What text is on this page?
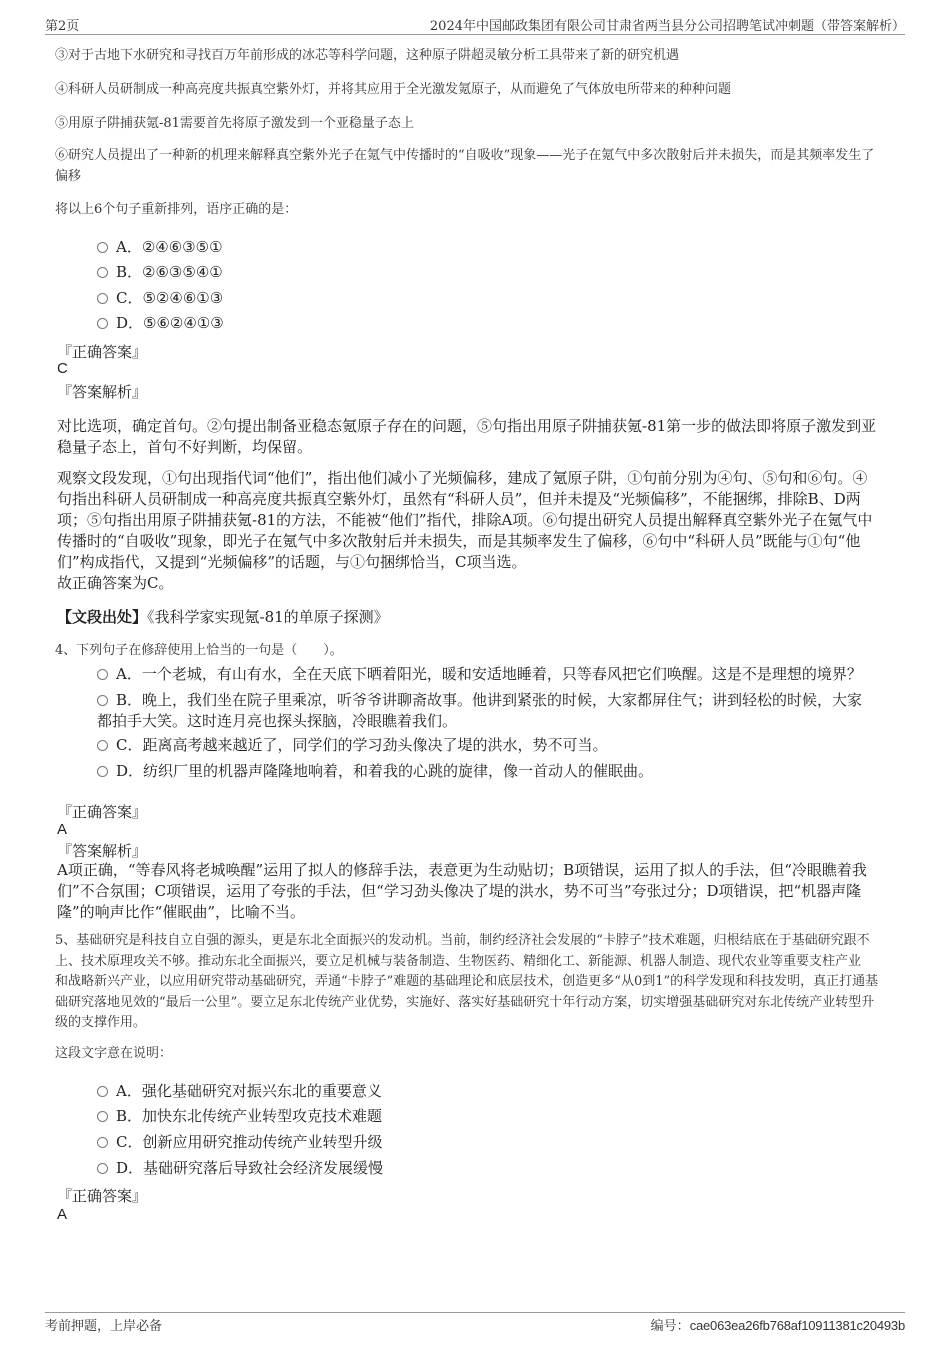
第2页	2024年中国邮政集团有限公司甘肃省两当县分公司招聘笔试冲刺题（带答案解析）
③对于古地下水研究和寻找百万年前形成的冰芯等科学问题，这种原子阱超灵敏分析工具带来了新的研究机遇
④科研人员研制成一种高亮度共振真空紫外灯，并将其应用于全光激发氪原子，从而避免了气体放电所带来的种种问题
⑤用原子阱捕获氪-81需要首先将原子激发到一个亚稳量子态上
⑥研究人员提出了一种新的机理来解释真空紫外光子在氪气中传播时的“自吸收”现象——光子在氪气中多次散射后并未损失，而是其频率发生了
偏移
将以上6个句子重新排列，语序正确的是：
A．②④⑥③⑤①
B．②⑥③⑤④①
C．⑤②④⑥①③
D．⑤⑥②④①③
『正确答案』
C
『答案解析』
对比选项，确定首句。②句提出制备亚稳态氪原子存在的问题，⑤句指出用原子阱捕获氪-81第一步的做法即将原子激发到亚
稳量子态上，首句不好判断，均保留。
观察文段发现，①句出现指代词“他们”，指出他们减小了光频偏移，建成了氪原子阱，①句前分别为④句、⑤句和⑥句。④
句指出科研人员研制成一种高亮度共振真空紫外灯，虽然有“科研人员”，但并未提及“光频偏移”，不能捆绑，排除B、D两
项；⑤句指出用原子阱捕获氪-81的方法，不能被“他们”指代，排除A项。⑥句提出研究人员提出解释真空紫外光子在氪气中
传播时的“自吸收”现象，即光子在氪气中多次散射后并未损失，而是其频率发生了偏移，⑥句中“科研人员”既能与①句“他
们”构成指代，又提到“光频偏移”的话题，与①句捆绑恰当，C项当选。
故正确答案为C。
【文段出处】《我科学家实现氪-81的单原子探测》
4、下列句子在修辞使用上恰当的一句是（　　）。
A．一个老城，有山有水，全在天底下晒着阳光，暖和安适地睡着，只等春风把它们唤醒。这是不是理想的境界？
B．晚上，我们坐在院子里乘凉，听爷爷讲聊斋故事。他讲到紧张的时候，大家都屏住气；讲到轻松的时候，大家
都拍手大笑。这时连月亮也探头探脑，冷眼瞧着我们。
C．距离高考越来越近了，同学们的学习劲头像决了堤的洪水，势不可当。
D．纺织厂里的机器声隆隆地响着，和着我的心跳的旋律，像一首动人的催眠曲。
『正确答案』
A
『答案解析』
A项正确，“等春风将老城唤醒”运用了拟人的修辞手法，表意更为生动贴切；B项错误，运用了拟人的手法，但“冷眼瞧着我
们”不合氛围；C项错误，运用了夸张的手法，但“学习劲头像决了堤的洪水，势不可当”夸张过分；D项错误，把“机器声隆
隆”的响声比作“催眠曲”，比喻不当。
5、基础研究是科技自立自强的源头，更是东北全面振兴的发动机。当前，制约经济社会发展的“卡脖子”技术难题，归根结底在于基础研究跟不
上、技术原理攻关不够。推动东北全面振兴，要立足机械与装备制造、生物医药、精细化工、新能源、机器人制造、现代农业等重要支柱产业
和战略新兴产业，以应用研究带动基础研究，弄通“卡脖子”难题的基础理论和底层技术，创造更多“从0到1”的科学发现和科技发明，真正打通基
础研究落地见效的“最后一公里”。要立足东北传统产业优势，实施好、落实好基础研究十年行动方案，切实增强基础研究对东北传统产业转型升
级的支撑作用。
这段文字意在说明：
A．强化基础研究对振兴东北的重要意义
B．加快东北传统产业转型攻克技术难题
C．创新应用研究推动传统产业转型升级
D．基础研究落后导致社会经济发展缓慢
『正确答案』
A
考前押题，上岸必备	编号：cae063ea26fb768af10911381c20493b
